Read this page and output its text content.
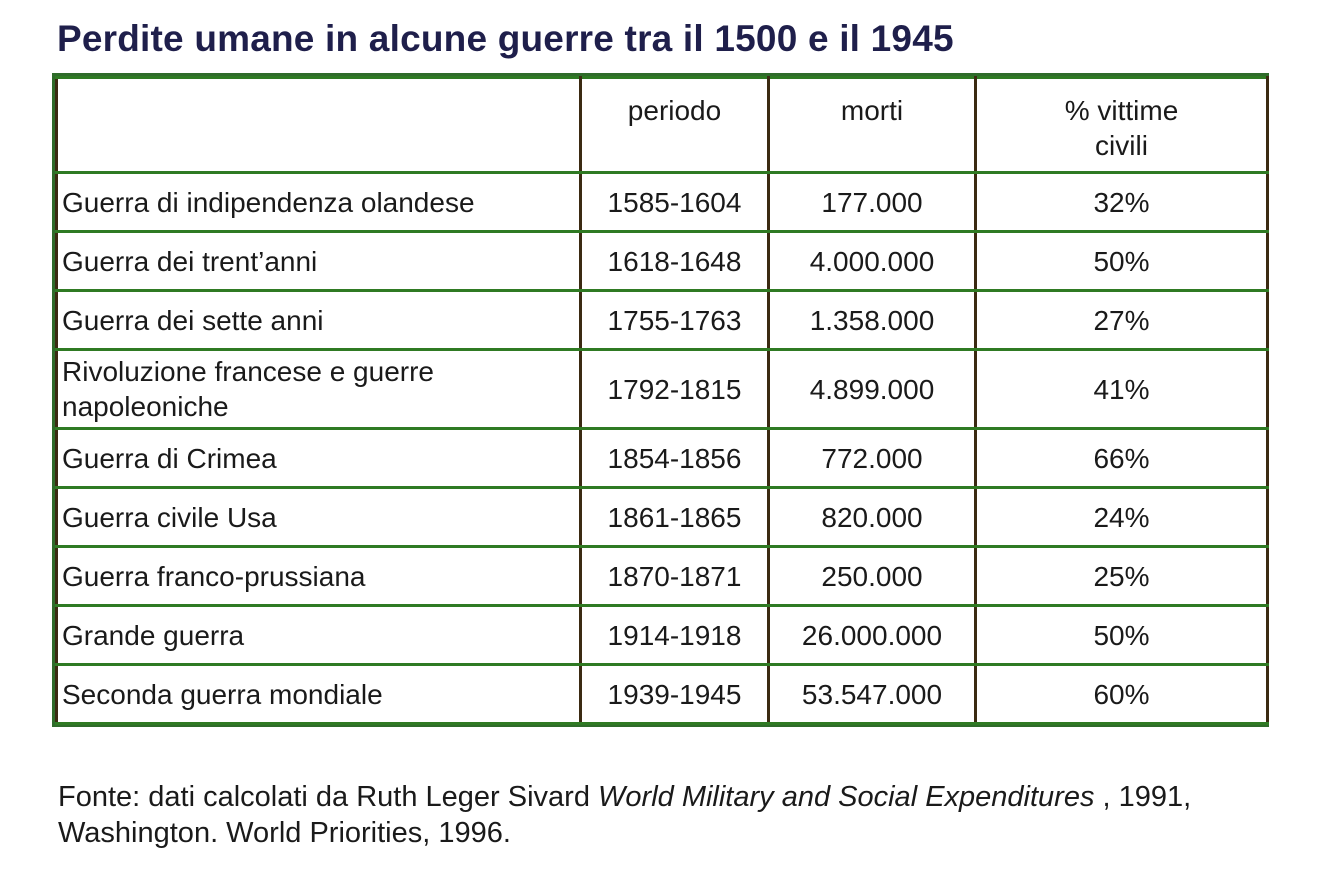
Perdite umane in alcune guerre tra il 1500 e il 1945
	periodo	morti	% vittime civili
Guerra di indipendenza olandese	1585-1604	177.000	32%
Guerra dei trent’anni	1618-1648	4.000.000	50%
Guerra dei sette anni	1755-1763	1.358.000	27%
Rivoluzione francese e guerre napoleoniche	1792-1815	4.899.000	41%
Guerra di Crimea	1854-1856	772.000	66%
Guerra civile Usa	1861-1865	820.000	24%
Guerra franco-prussiana	1870-1871	250.000	25%
Grande guerra	1914-1918	26.000.000	50%
Seconda guerra mondiale	1939-1945	53.547.000	60%
Fonte: dati calcolati da Ruth Leger Sivard World Military and Social Expenditures , 1991, Washington. World Priorities, 1996.
